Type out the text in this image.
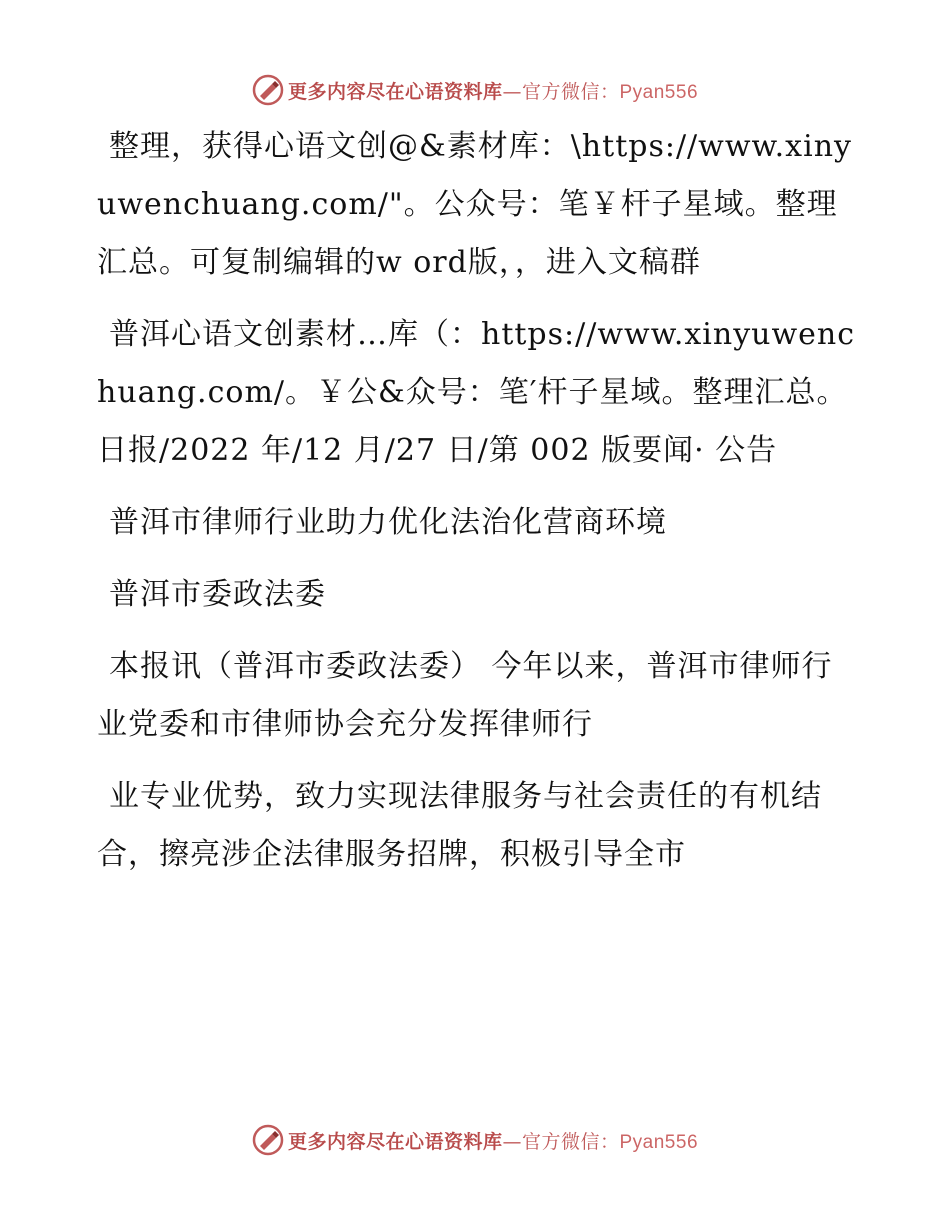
更多内容尽在心语资料库—官方微信：Pyan556

整理，获得心语文创@&素材库：\https://www.xinyuwenchuang.com/"。公众号：笔￥杆子星域。整理汇总。可复制编辑的w ord版，，进入文稿群

普洱心语文创素材…库（：https://www.xinyuwenchuang.com/。￥公&众号：笔′杆子星域。整理汇总。日报/2022 年/12 月/27 日/第 002 版要闻· 公告

普洱市律师行业助力优化法治化营商环境

普洱市委政法委

本报讯（普洱市委政法委） 今年以来，普洱市律师行业党委和市律师协会充分发挥律师行

业专业优势，致力实现法律服务与社会责任的有机结合，擦亮涉企法律服务招牌，积极引导全市

更多内容尽在心语资料库—官方微信：Pyan556
